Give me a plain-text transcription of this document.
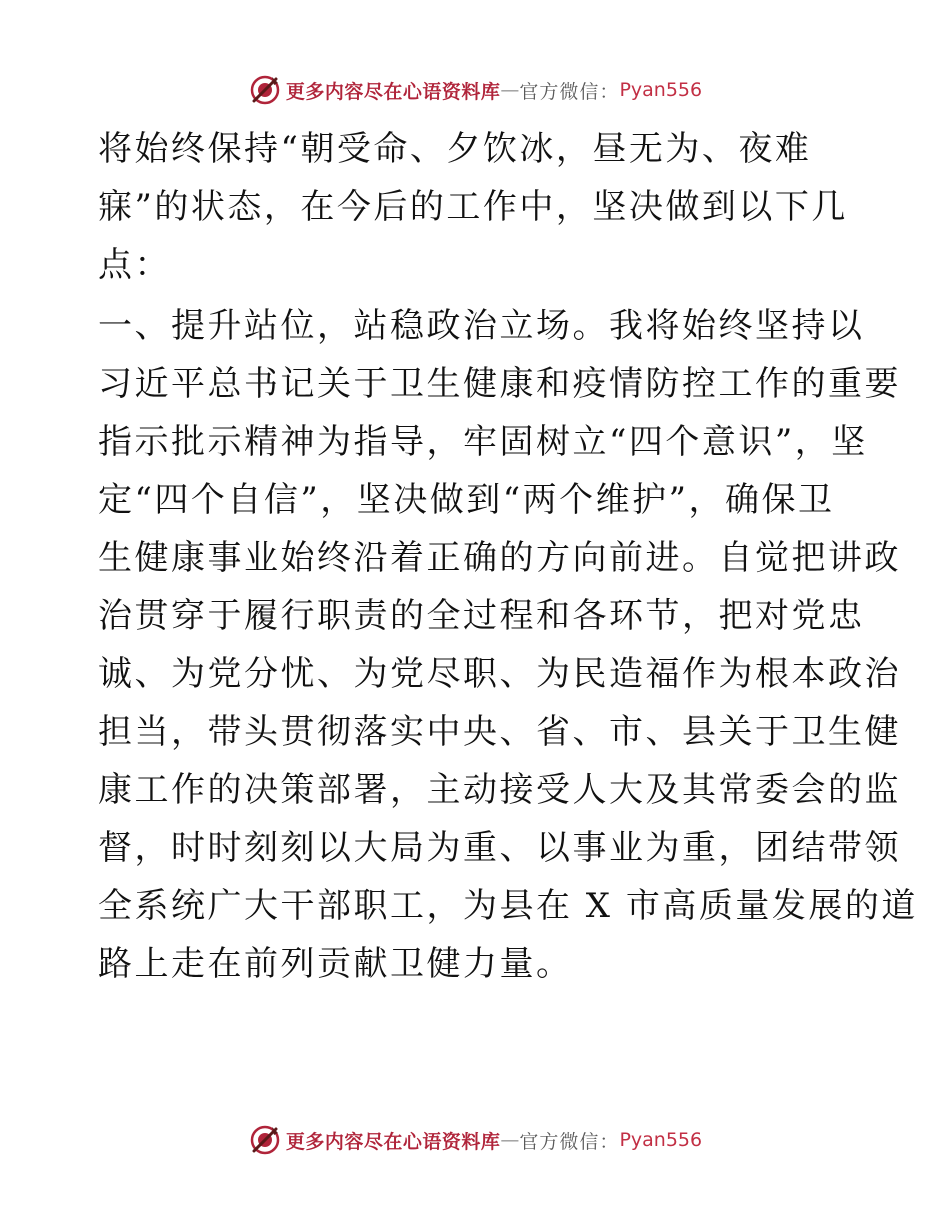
更多内容尽在心语资料库 — 官方微信： Pyan556

将始终保持“朝受命、夕饮冰，昼无为、夜难
寐”的状态，在今后的工作中，坚决做到以下几
点：

一、提升站位，站稳政治立场。我将始终坚持以
习近平总书记关于卫生健康和疫情防控工作的重要
指示批示精神为指导，牢固树立“四个意识”，坚
定“四个自信”，坚决做到“两个维护”，确保卫
生健康事业始终沿着正确的方向前进。自觉把讲政
治贯穿于履行职责的全过程和各环节，把对党忠
诚、为党分忧、为党尽职、为民造福作为根本政治
担当，带头贯彻落实中央、省、市、县关于卫生健
康工作的决策部署，主动接受人大及其常委会的监
督，时时刻刻以大局为重、以事业为重，团结带领
全系统广大干部职工，为县在 X 市高质量发展的道
路上走在前列贡献卫健力量。

更多内容尽在心语资料库 — 官方微信： Pyan556
